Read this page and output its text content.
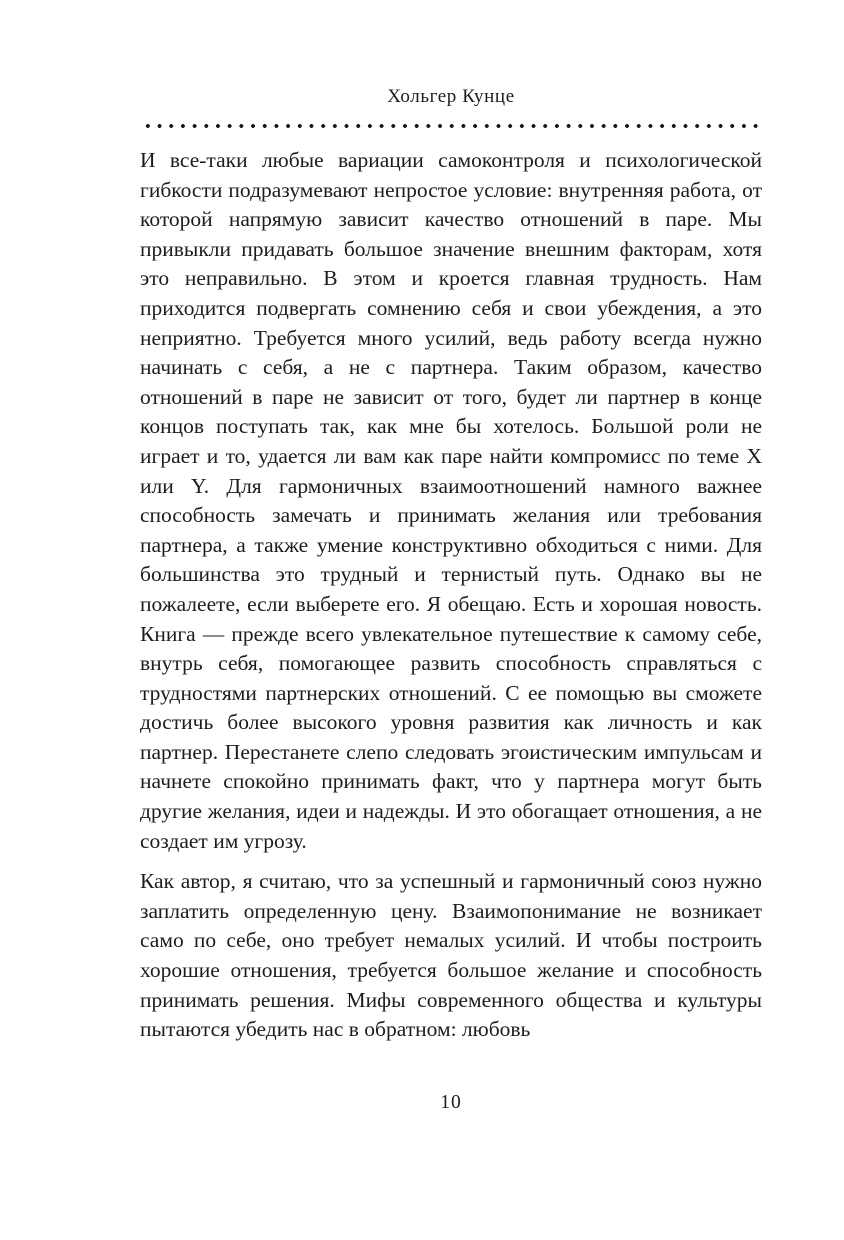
Хольгер Кунце

И все-таки любые вариации самоконтроля и психологической гибкости подразумевают непростое условие: внутренняя работа, от которой напрямую зависит качество отношений в паре. Мы привыкли придавать большое значение внешним факторам, хотя это неправильно. В этом и кроется главная трудность. Нам приходится подвергать сомнению себя и свои убеждения, а это неприятно. Требуется много усилий, ведь работу всегда нужно начинать с себя, а не с партнера. Таким образом, качество отношений в паре не зависит от того, будет ли партнер в конце концов поступать так, как мне бы хотелось. Большой роли не играет и то, удается ли вам как паре найти компромисс по теме X или Y. Для гармоничных взаимоотношений намного важнее способность замечать и принимать желания или требования партнера, а также умение конструктивно обходиться с ними. Для большинства это трудный и тернистый путь. Однако вы не пожалеете, если выберете его. Я обещаю. Есть и хорошая новость. Книга — прежде всего увлекательное путешествие к самому себе, внутрь себя, помогающее развить способность справляться с трудностями партнерских отношений. С ее помощью вы сможете достичь более высокого уровня развития как личность и как партнер. Перестанете слепо следовать эгоистическим импульсам и начнете спокойно принимать факт, что у партнера могут быть другие желания, идеи и надежды. И это обогащает отношения, а не создает им угрозу.

Как автор, я считаю, что за успешный и гармоничный союз нужно заплатить определенную цену. Взаимопонимание не возникает само по себе, оно требует немалых усилий. И чтобы построить хорошие отношения, требуется большое желание и способность принимать решения. Мифы современного общества и культуры пытаются убедить нас в обратном: любовь

10
